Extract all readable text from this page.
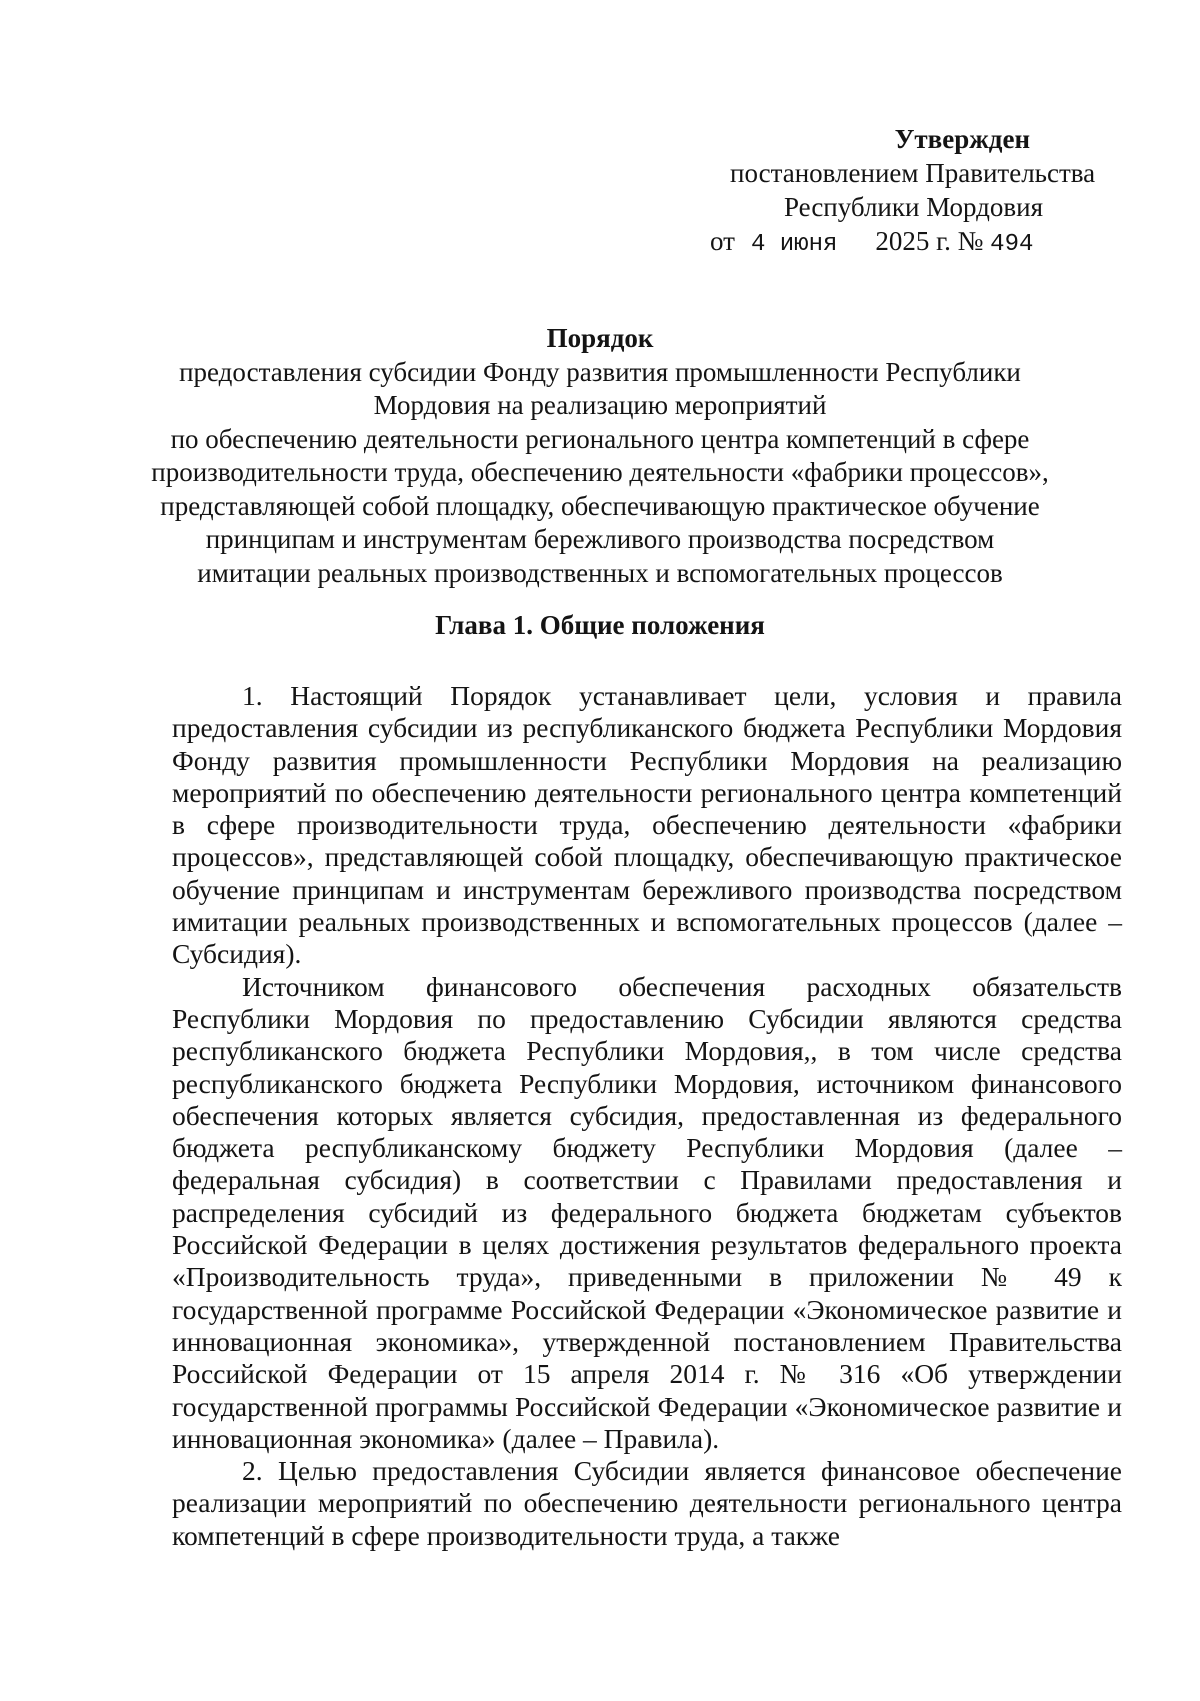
Утвержден
постановлением Правительства
Республики Мордовия
от 4 июня 2025 г. № 494
Порядок
предоставления субсидии Фонду развития промышленности Республики
Мордовия на реализацию мероприятий
по обеспечению деятельности регионального центра компетенций в сфере
производительности труда, обеспечению деятельности «фабрики процессов»,
представляющей собой площадку, обеспечивающую практическое обучение
принципам и инструментам бережливого производства посредством
имитации реальных производственных и вспомогательных процессов
Глава 1. Общие положения

1. Настоящий Порядок устанавливает цели, условия и правила предоставления субсидии из республиканского бюджета Республики Мордовия Фонду развития промышленности Республики Мордовия на реализацию мероприятий по обеспечению деятельности регионального центра компетенций в сфере производительности труда, обеспечению деятельности «фабрики процессов», представляющей собой площадку, обеспечивающую практическое обучение принципам и инструментам бережливого производства посредством имитации реальных производственных и вспомогательных процессов (далее – Субсидия).

Источником финансового обеспечения расходных обязательств Республики Мордовия по предоставлению Субсидии являются средства республиканского бюджета Республики Мордовия,, в том числе средства республиканского бюджета Республики Мордовия, источником финансового обеспечения которых является субсидия, предоставленная из федерального бюджета республиканскому бюджету Республики Мордовия (далее – федеральная субсидия) в соответствии с Правилами предоставления и распределения субсидий из федерального бюджета бюджетам субъектов Российской Федерации в целях достижения результатов федерального проекта «Производительность труда», приведенными в приложении № 49 к государственной программе Российской Федерации «Экономическое развитие и инновационная экономика», утвержденной постановлением Правительства Российской Федерации от 15 апреля 2014 г. № 316 «Об утверждении государственной программы Российской Федерации «Экономическое развитие и инновационная экономика» (далее – Правила).

2. Целью предоставления Субсидии является финансовое обеспечение реализации мероприятий по обеспечению деятельности регионального центра компетенций в сфере производительности труда, а также
